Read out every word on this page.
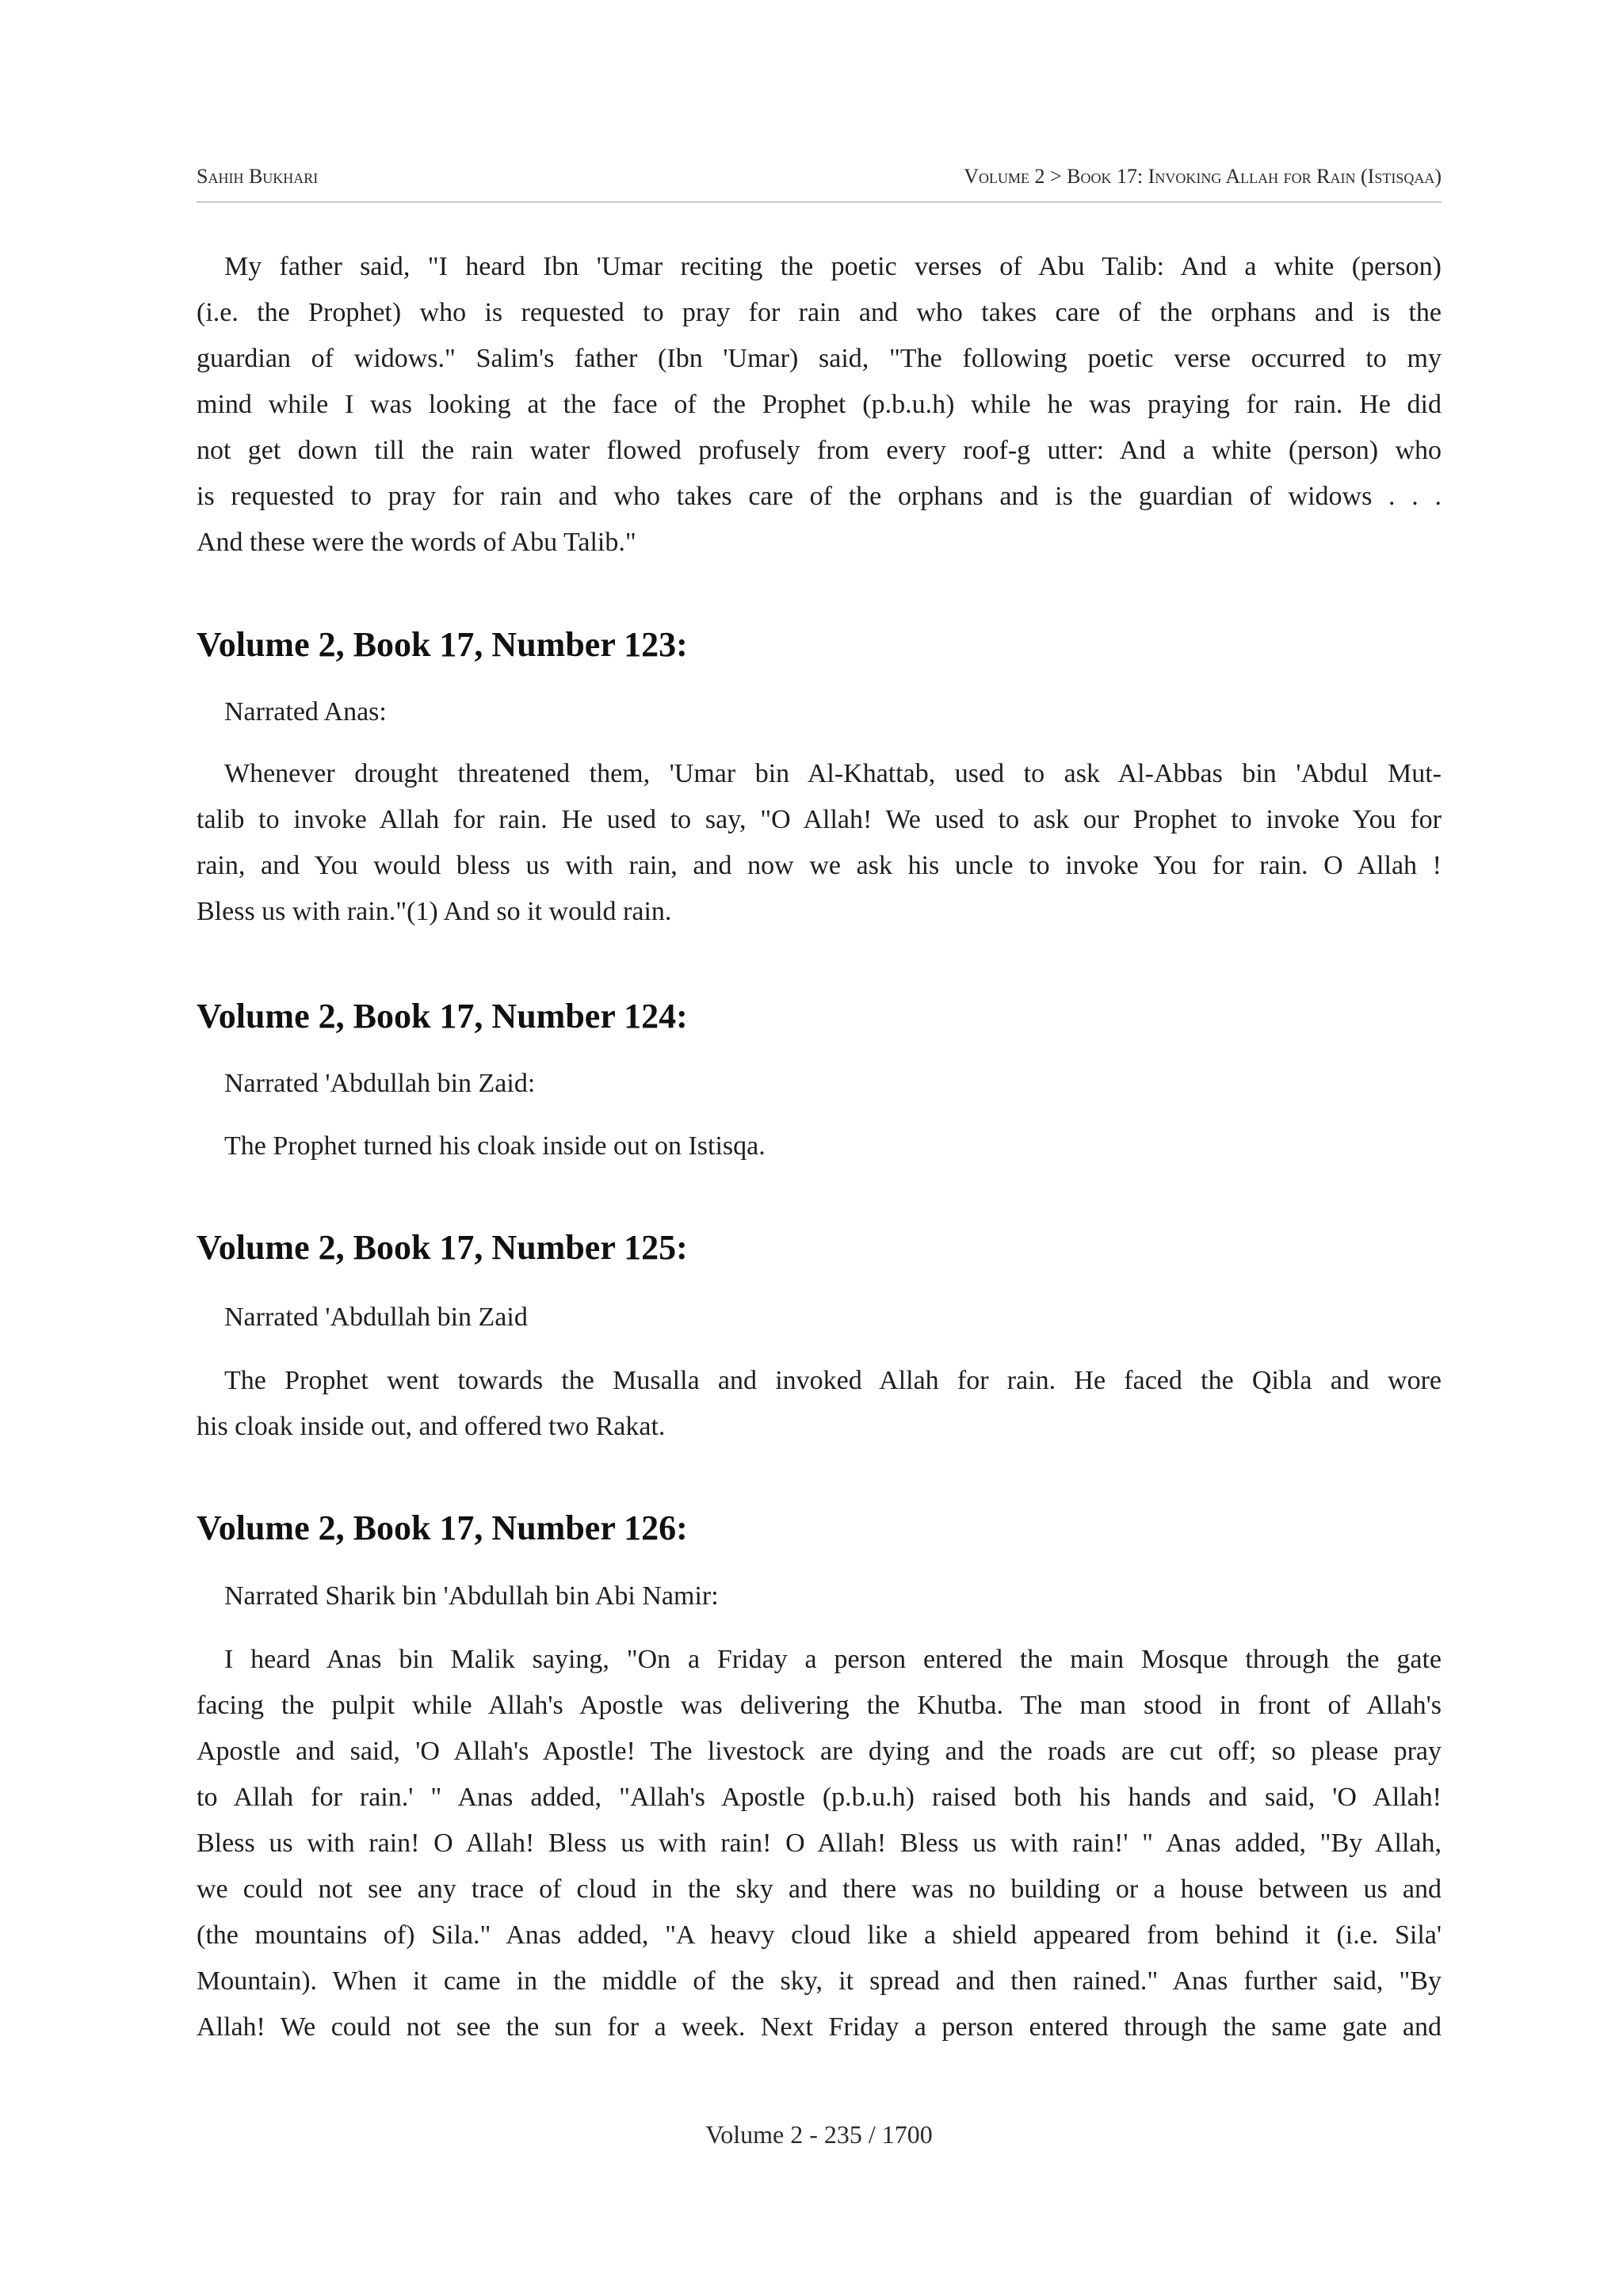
Sahih Bukhari	Volume 2 > Book 17: Invoking Allah for Rain (Istisqaa)
My father said, "I heard Ibn 'Umar reciting the poetic verses of Abu Talib: And a white (person)
(i.e. the Prophet) who is requested to pray for rain and who takes care of the orphans and is the
guardian of widows." Salim's father (Ibn 'Umar) said, "The following poetic verse occurred to my
mind while I was looking at the face of the Prophet (p.b.u.h) while he was praying for rain. He did
not get down till the rain water flowed profusely from every roof-g utter: And a white (person) who
is requested to pray for rain and who takes care of the orphans and is the guardian of widows . . .
And these were the words of Abu Talib."
Volume 2, Book 17, Number 123:
Narrated Anas:
Whenever drought threatened them, 'Umar bin Al-Khattab, used to ask Al-Abbas bin 'Abdul Mut-
talib to invoke Allah for rain. He used to say, "O Allah! We used to ask our Prophet to invoke You for
rain, and You would bless us with rain, and now we ask his uncle to invoke You for rain. O Allah !
Bless us with rain."(1) And so it would rain.
Volume 2, Book 17, Number 124:
Narrated 'Abdullah bin Zaid:
The Prophet turned his cloak inside out on Istisqa.
Volume 2, Book 17, Number 125:
Narrated 'Abdullah bin Zaid
The Prophet went towards the Musalla and invoked Allah for rain. He faced the Qibla and wore
his cloak inside out, and offered two Rakat.
Volume 2, Book 17, Number 126:
Narrated Sharik bin 'Abdullah bin Abi Namir:
I heard Anas bin Malik saying, "On a Friday a person entered the main Mosque through the gate
facing the pulpit while Allah's Apostle was delivering the Khutba. The man stood in front of Allah's
Apostle and said, 'O Allah's Apostle! The livestock are dying and the roads are cut off; so please pray
to Allah for rain.' " Anas added, "Allah's Apostle (p.b.u.h) raised both his hands and said, 'O Allah!
Bless us with rain! O Allah! Bless us with rain! O Allah! Bless us with rain!' " Anas added, "By Allah,
we could not see any trace of cloud in the sky and there was no building or a house between us and
(the mountains of) Sila." Anas added, "A heavy cloud like a shield appeared from behind it (i.e. Sila'
Mountain). When it came in the middle of the sky, it spread and then rained." Anas further said, "By
Allah! We could not see the sun for a week. Next Friday a person entered through the same gate and
Volume 2 - 235 / 1700
